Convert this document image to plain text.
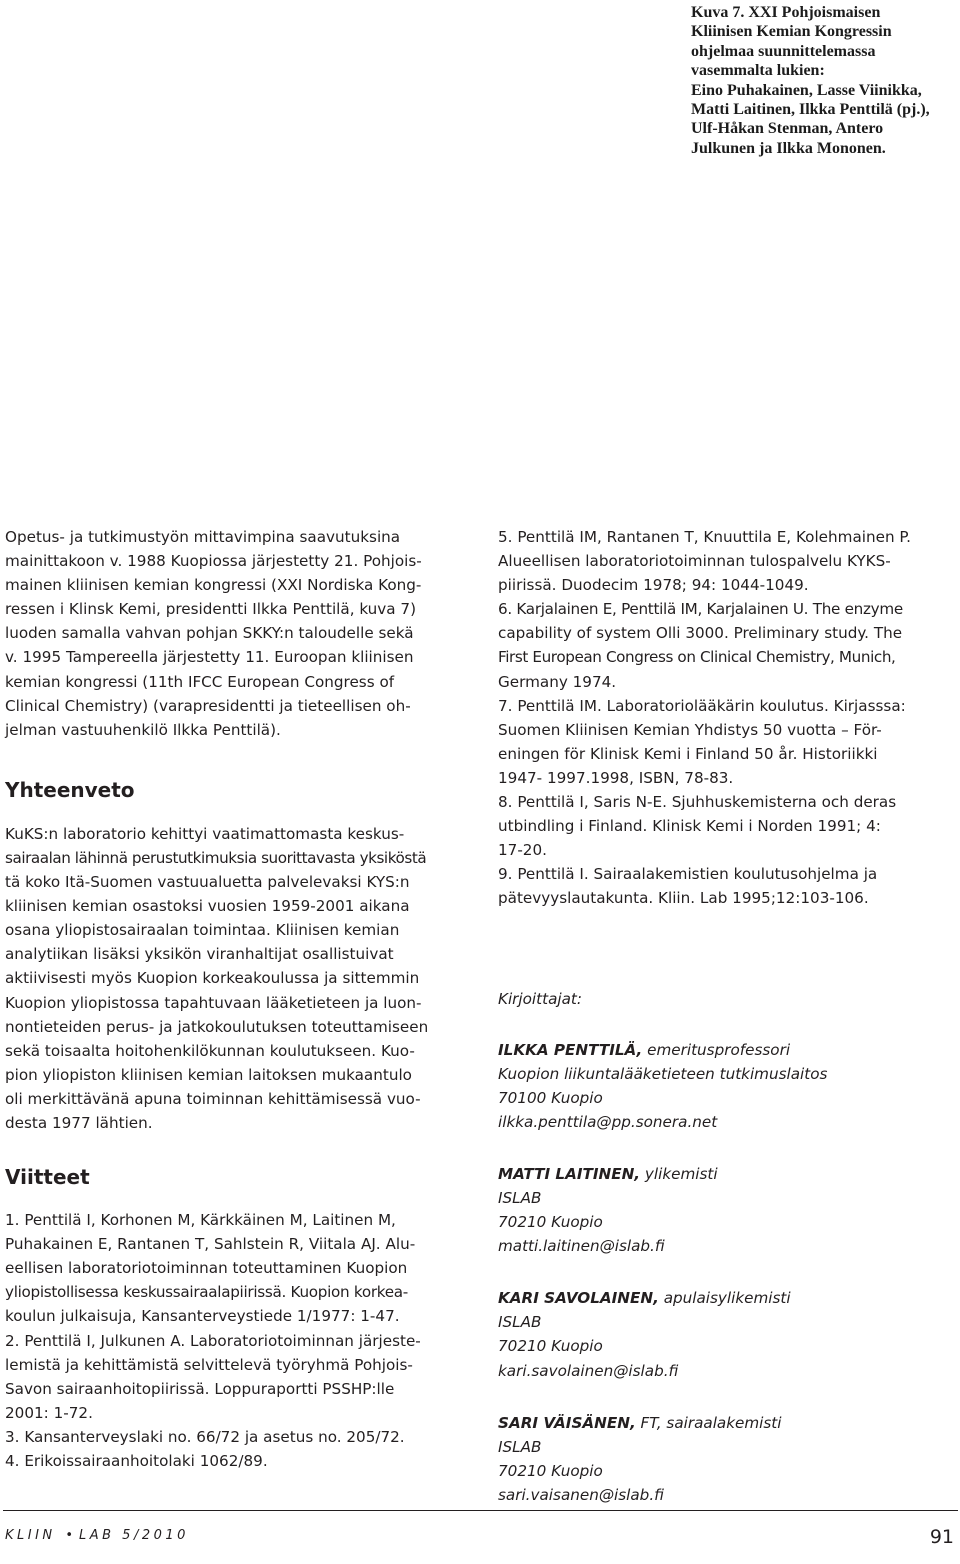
Kuva 7. XXI Pohjoismaisen
Kliinisen Kemian Kongressin
ohjelmaa suunnittelemassa
vasemmalta lukien:
Eino Puhakainen, Lasse Viinikka,
Matti Laitinen, Ilkka Penttilä (pj.),
Ulf-Håkan Stenman, Antero
Julkunen ja Ilkka Mononen.

Opetus- ja tutkimustyön mittavimpina saavutuksina
mainittakoon v. 1988 Kuopiossa järjestetty 21. Pohjois-
mainen kliinisen kemian kongressi (XXI Nordiska Kong-
ressen i Klinsk Kemi, presidentti Ilkka Penttilä, kuva 7)
luoden samalla vahvan pohjan SKKY:n taloudelle sekä
v. 1995 Tampereella järjestetty 11. Euroopan kliinisen
kemian kongressi (11th IFCC European Congress of
Clinical Chemistry) (varapresidentti ja tieteellisen oh-
jelman vastuuhenkilö Ilkka Penttilä).

Yhteenveto

KuKS:n laboratorio kehittyi vaatimattomasta keskus-
sairaalan lähinnä perustutkimuksia suorittavasta yksiköstä
tä koko Itä-Suomen vastuualuetta palvelevaksi KYS:n
kliinisen kemian osastoksi vuosien 1959-2001 aikana
osana yliopistosairaalan toimintaa. Kliinisen kemian
analytiikan lisäksi yksikön viranhaltijat osallistuivat
aktiivisesti myös Kuopion korkeakoulussa ja sittemmin
Kuopion yliopistossa tapahtuvaan lääketieteen ja luon-
nontieteiden perus- ja jatkokoulutuksen toteuttamiseen
sekä toisaalta hoitohenkilökunnan koulutukseen. Kuo-
pion yliopiston kliinisen kemian laitoksen mukaantulo
oli merkittävänä apuna toiminnan kehittämisessä vuo-
desta 1977 lähtien.

Viitteet
1. Penttilä I, Korhonen M, Kärkkäinen M, Laitinen M,
Puhakainen E, Rantanen T, Sahlstein R, Viitala AJ. Alu-
eellisen laboratoriotoiminnan toteuttaminen Kuopion
yliopistollisessa keskussairaalapiirissä. Kuopion korkea-
koulun julkaisuja, Kansanterveystiede 1/1977: 1-47.
2. Penttilä I, Julkunen A. Laboratoriotoiminnan järjeste-
lemistä ja kehittämistä selvittelevä työryhmä Pohjois-
Savon sairaanhoitopiirissä. Loppuraportti PSSHP:lle
2001: 1-72.
3. Kansanterveyslaki no. 66/72 ja asetus no. 205/72.
4. Erikoissairaanhoitolaki 1062/89.
5. Penttilä IM, Rantanen T, Knuuttila E, Kolehmainen P.
Alueellisen laboratoriotoiminnan tulospalvelu KYKS-
piirissä. Duodecim 1978; 94: 1044-1049.
6. Karjalainen E, Penttilä IM, Karjalainen U. The enzyme
capability of system Olli 3000. Preliminary study. The
First European Congress on Clinical Chemistry, Munich,
Germany 1974.
7. Penttilä IM. Laboratoriolääkärin koulutus. Kirjasssa:
Suomen Kliinisen Kemian Yhdistys 50 vuotta – För-
eningen för Klinisk Kemi i Finland 50 år. Historiikki
1947- 1997.1998, ISBN, 78-83.
8. Penttilä I, Saris N-E. Sjuhhuskemisterna och deras
utbindling i Finland. Klinisk Kemi i Norden 1991; 4:
17-20.
9. Penttilä I. Sairaalakemistien koulutusohjelma ja
pätevyyslautakunta. Kliin. Lab 1995;12:103-106.
Kirjoittajat:
ILKKA PENTTILÄ, emeritusprofessori
Kuopion liikuntalääketieteen tutkimuslaitos
70100 Kuopio
ilkka.penttila@pp.sonera.net
MATTI LAITINEN, ylikemisti
ISLAB
70210 Kuopio
matti.laitinen@islab.fi
KARI SAVOLAINEN, apulaisylikemisti
ISLAB
70210 Kuopio
kari.savolainen@islab.fi
SARI VÄISÄNEN, FT, sairaalakemisti
ISLAB
70210 Kuopio
sari.vaisanen@islab.fi
KLIIN • LAB 5/2010	91
